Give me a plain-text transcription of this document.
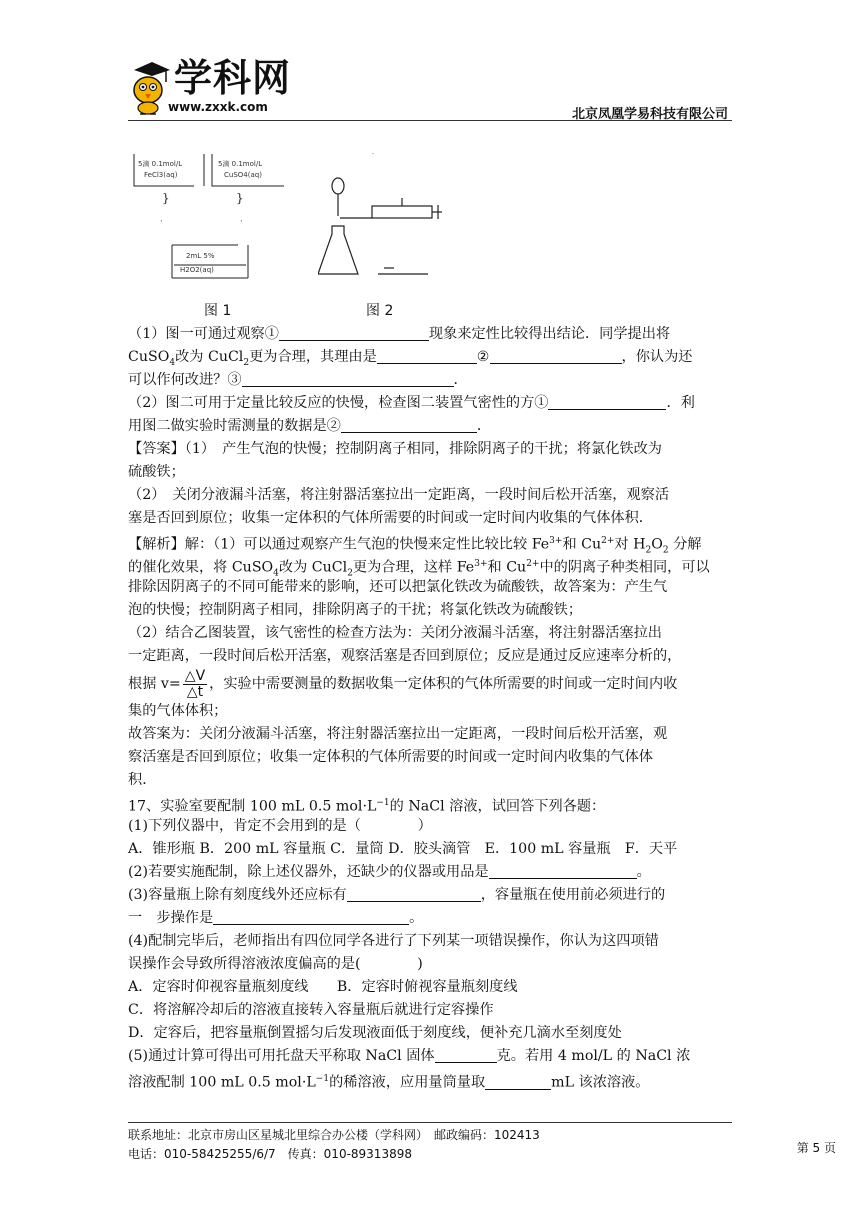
学科网
www.zxxk.com	北京凤凰学易科技有限公司
5滴 0.1mol/L
FeCl3(aq)
5滴 0.1mol/L
CuSO4(aq)
}	}
·	·
2mL 5%
H2O2(aq)
图 1
·
图 2
（1）图一可通过观察①	现象来定性比较得出结论．同学提出将
CuSO$_4$改为 CuCl$_2$更为合理，其理由是	②	，你认为还
可以作何改进？③	．
（2）图二可用于定量比较反应的快慢，检查图二装置气密性的方①	．利
用图二做实验时需测量的数据是②	．
【答案】（1）　产生气泡的快慢；控制阴离子相同，排除阴离子的干扰；将氯化铁改为
硫酸铁；
（2）　关闭分液漏斗活塞，将注射器活塞拉出一定距离，一段时间后松开活塞，观察活
塞是否回到原位；收集一定体积的气体所需要的时间或一定时间内收集的气体体积．
【解析】解：（1）可以通过观察产生气泡的快慢来定性比较比较 $Fe^{3+}$和 $Cu^{2+}$对 $H_2O_2$ 分解
的催化效果，将 CuSO$_4$改为 CuCl$_2$更为合理，这样 $Fe^{3+}$和 $Cu^{2+}$中的阴离子种类相同，可以
排除因阴离子的不同可能带来的影响，还可以把氯化铁改为硫酸铁，故答案为：产生气
泡的快慢；控制阴离子相同，排除阴离子的干扰；将氯化铁改为硫酸铁；
（2）结合乙图装置，该气密性的检查方法为：关闭分液漏斗活塞，将注射器活塞拉出
一定距离，一段时间后松开活塞，观察活塞是否回到原位；反应是通过反应速率分析的，
根据 $v= \frac{\triangle V}{\triangle t}$ ，实验中需要测量的数据收集一定体积的气体所需要的时间或一定时间内收
集的气体体积；
故答案为：关闭分液漏斗活塞，将注射器活塞拉出一定距离，一段时间后松开活塞，观
察活塞是否回到原位；收集一定体积的气体所需要的时间或一定时间内收集的气体体
积．
17、实验室要配制 100 mL 0.5 $mol\cdot L^{-1}$的 NaCl 溶液，试回答下列各题：
(1)下列仪器中，肯定不会用到的是（　　　　）
A．锥形瓶 B．200 mL 容量瓶 C．量筒 D．胶头滴管　E．100 mL 容量瓶　F．天平
(2)若要实施配制，除上述仪器外，还缺少的仪器或用品是	。
(3)容量瓶上除有刻度线外还应标有	，容量瓶在使用前必须进行的
一　步操作是	。
(4)配制完毕后，老师指出有四位同学各进行了下列某一项错误操作，你认为这四项错
误操作会导致所得溶液浓度偏高的是(　　　　)
A．定容时仰视容量瓶刻度线　　B．定容时俯视容量瓶刻度线
C．将溶解冷却后的溶液直接转入容量瓶后就进行定容操作
D．定容后，把容量瓶倒置摇匀后发现液面低于刻度线，便补充几滴水至刻度处
(5)通过计算可得出可用托盘天平称取 NaCl 固体	克。若用 4 mol/L 的 NaCl 浓
溶液配制 100 mL 0.5 $mol\cdot L^{-1}$的稀溶液，应用量筒量取	mL 该浓溶液。
联系地址：北京市房山区星城北里综合办公楼（学科网）　邮政编码：102413
电话：010-58425255/6/7　传真：010-89313898	第 5 页
